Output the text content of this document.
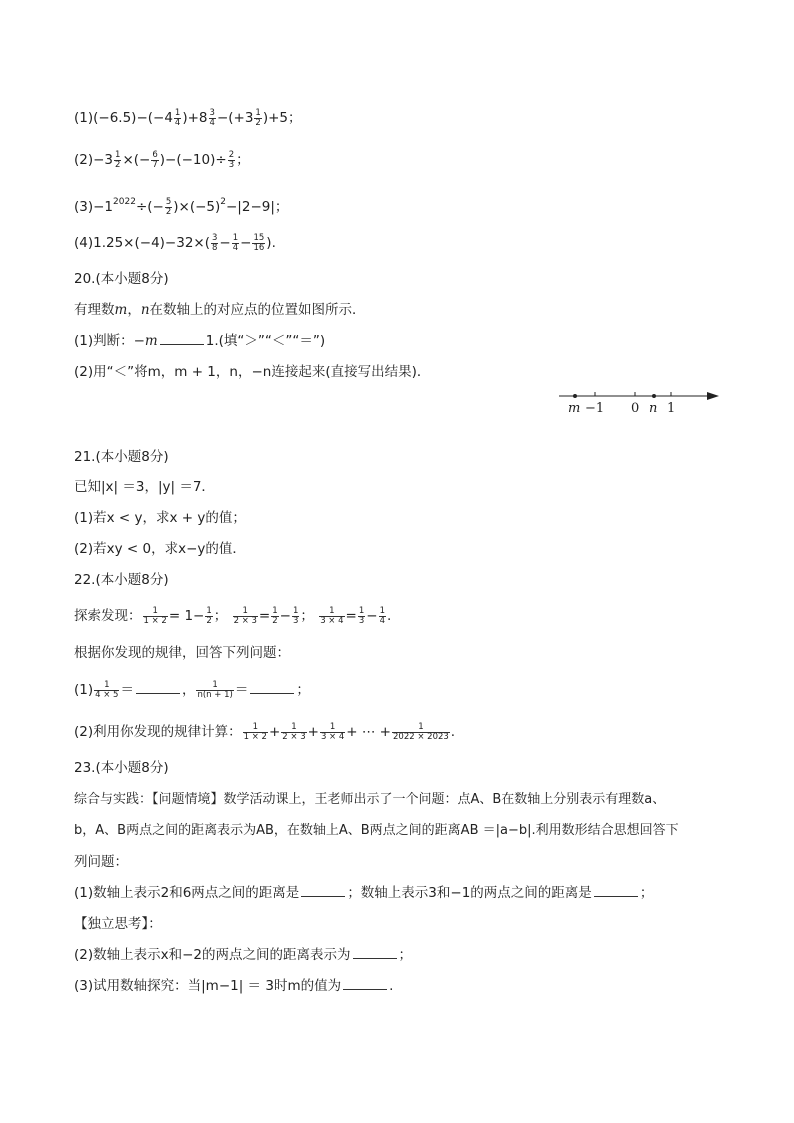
$(1)(-6.5)-(-4 \frac{1}{4} )+8 \frac{3}{4} -(+3 \frac{1}{2} )+5$；
$(2)-3 \frac{1}{2}$ ×(− $\frac{6}{7} )-(-10)\div \frac{2}{3}$ ；
$(3)-1^{2022}\div(- \frac{5}{2} )\times(-5)^2-|2-9|$；
$(4)1.25\times(-4)-32\times( \frac{3}{8} - \frac{1}{4} - \frac{15}{16}$ ).
20.(本小题8分)
有理数m，n在数轴上的对应点的位置如图所示．
(1)判断：−m	1.(填“＞”“＜”“＝”)
(2)用“＜”将m，m + 1，n，−n连接起来(直接写出结果)．
m −1 0 n 1
21.(本小题8分)
已知|x| ＝3，|y| ＝7．
(1)若x < y，求x + y的值；
(2)若xy < 0，求x−y的值．
22.(本小题8分)
探索发现： $\frac{1}{1 \times 2} = 1- \frac{1}{2}$ ； $\frac{1}{2 \times 3} = \frac{1}{2} - \frac{1}{3}$ ； $\frac{1}{3 \times 4} = \frac{1}{3} - \frac{1}{4}$ .
根据你发现的规律，回答下列问题：
$(1) \frac{1}{4 \times 5}$ ＝	， $\frac{1}{n(n + 1)}$ ＝	；
(2)利用你发现的规律计算： $\frac{1}{1 \times 2} + \frac{1}{2 \times 3} + \frac{1}{3 \times 4}$ + ⋯ + $\frac{1}{2022 \times 2023}$ .
23.(本小题8分)
综合与实践：【问题情境】数学活动课上，王老师出示了一个问题：点A、B在数轴上分别表示有理数a、
b，A、B两点之间的距离表示为AB，在数轴上A、B两点之间的距离AB ＝|a−b|.利用数形结合思想回答下
列问题：
(1)数轴上表示2和6两点之间的距离是	；数轴上表示3和−1的两点之间的距离是	；
【独立思考】：
(2)数轴上表示x和−2的两点之间的距离表示为	；
(3)试用数轴探究：当|m−1| ＝ 3时m的值为	.
